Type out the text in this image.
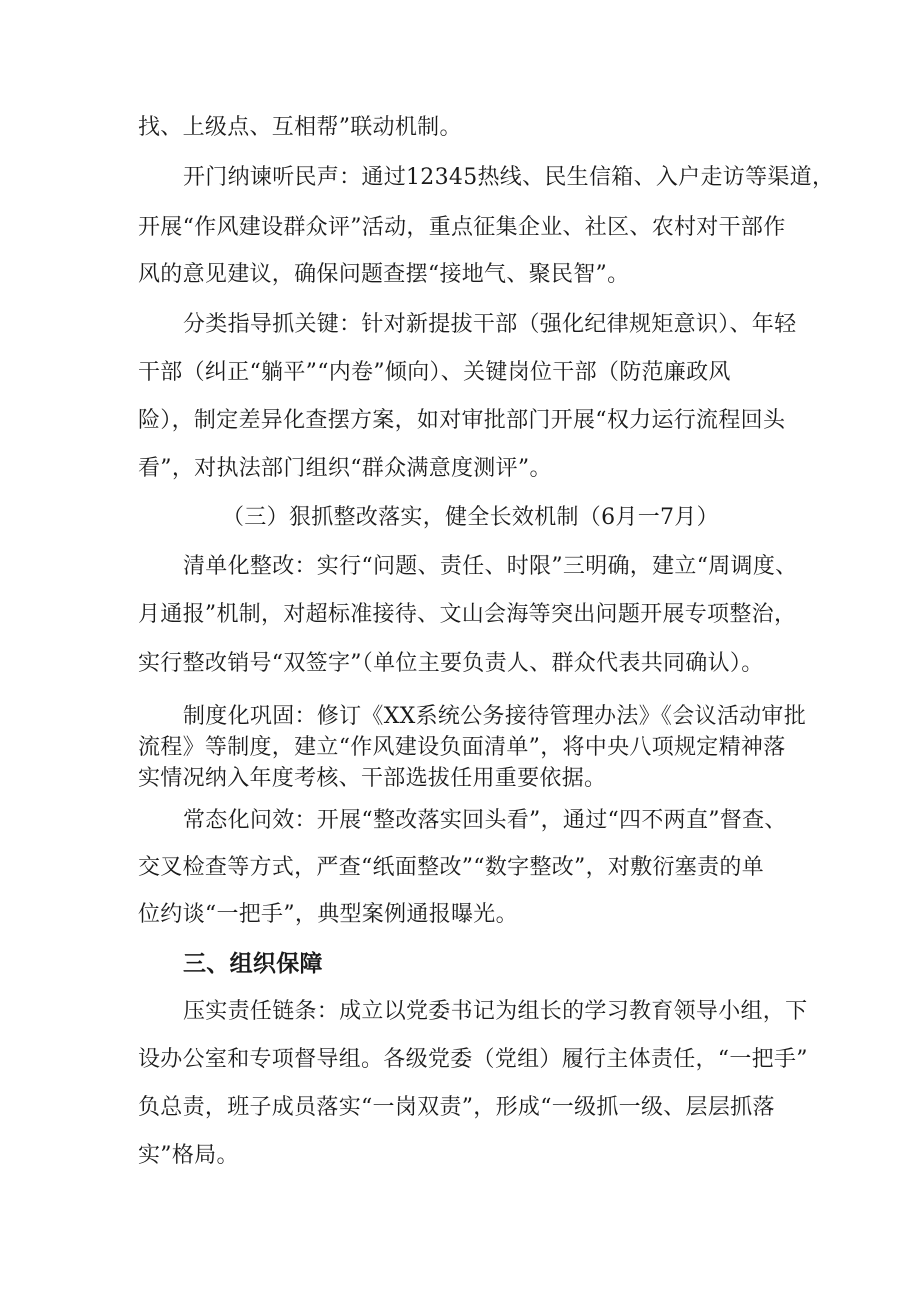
找、上级点、互相帮”联动机制。
开门纳谏听民声：通过12345热线、民生信箱、入户走访等渠道，
开展“作风建设群众评”活动，重点征集企业、社区、农村对干部作
风的意见建议，确保问题查摆“接地气、聚民智”。
分类指导抓关键：针对新提拔干部（强化纪律规矩意识）、年轻
干部（纠正“躺平”“内卷”倾向）、关键岗位干部（防范廉政风
险），制定差异化查摆方案，如对审批部门开展“权力运行流程回头
看”，对执法部门组织“群众满意度测评”。
（三）狠抓整改落实，健全长效机制（6月一7月）
清单化整改：实行“问题、责任、时限”三明确，建立“周调度、
月通报”机制，对超标准接待、文山会海等突出问题开展专项整治，
实行整改销号“双签字”（单位主要负责人、群众代表共同确认）。
制度化巩固：修订《XX系统公务接待管理办法》《会议活动审批
流程》等制度，建立“作风建设负面清单”，将中央八项规定精神落
实情况纳入年度考核、干部选拔任用重要依据。
常态化问效：开展“整改落实回头看”，通过“四不两直”督查、
交叉检查等方式，严查“纸面整改”“数字整改”，对敷衍塞责的单
位约谈“一把手”，典型案例通报曝光。
三、组织保障
压实责任链条：成立以党委书记为组长的学习教育领导小组，下
设办公室和专项督导组。各级党委（党组）履行主体责任，“一把手”
负总责，班子成员落实“一岗双责”，形成“一级抓一级、层层抓落
实”格局。
